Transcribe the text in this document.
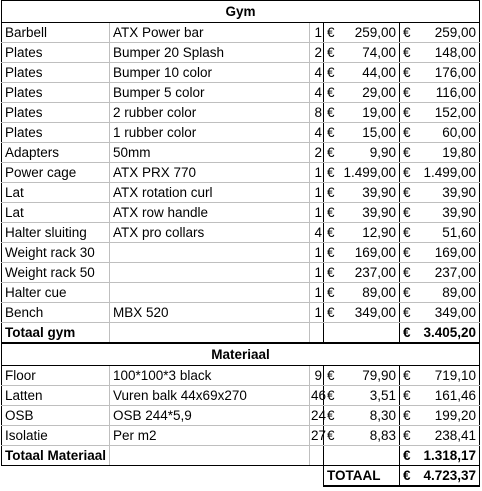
Gym						
Barbell	ATX Power bar	1	€	259,00	€	259,00
Plates	Bumper 20 Splash	2	€	74,00	€	148,00
Plates	Bumper 10 color	4	€	44,00	€	176,00
Plates	Bumper 5 color	4	€	29,00	€	116,00
Plates	2 rubber color	8	€	19,00	€	152,00
Plates	1 rubber color	4	€	15,00	€	60,00
Adapters	50mm	2	€	9,90	€	19,80
Power cage	ATX PRX 770	1	€	1.499,00	€	1.499,00
Lat	ATX rotation curl	1	€	39,90	€	39,90
Lat	ATX row handle	1	€	39,90	€	39,90
Halter sluiting	ATX pro collars	4	€	12,90	€	51,60
Weight rack 30		1	€	169,00	€	169,00
Weight rack 50		1	€	237,00	€	237,00
Halter cue		1	€	89,00	€	89,00
Bench	MBX 520	1	€	349,00	€	349,00
Totaal gym					€	3.405,20
Materiaal						
Floor	100*100*3 black	9	€	79,90	€	719,10
Latten	Vuren balk 44x69x270	46	€	3,51	€	161,46
OSB	OSB 244*5,9	24	€	8,30	€	199,20
Isolatie	Per m2	27	€	8,83	€	238,41
Totaal Materiaal					€	1.318,17
			TOTAAL		€	4.723,37
